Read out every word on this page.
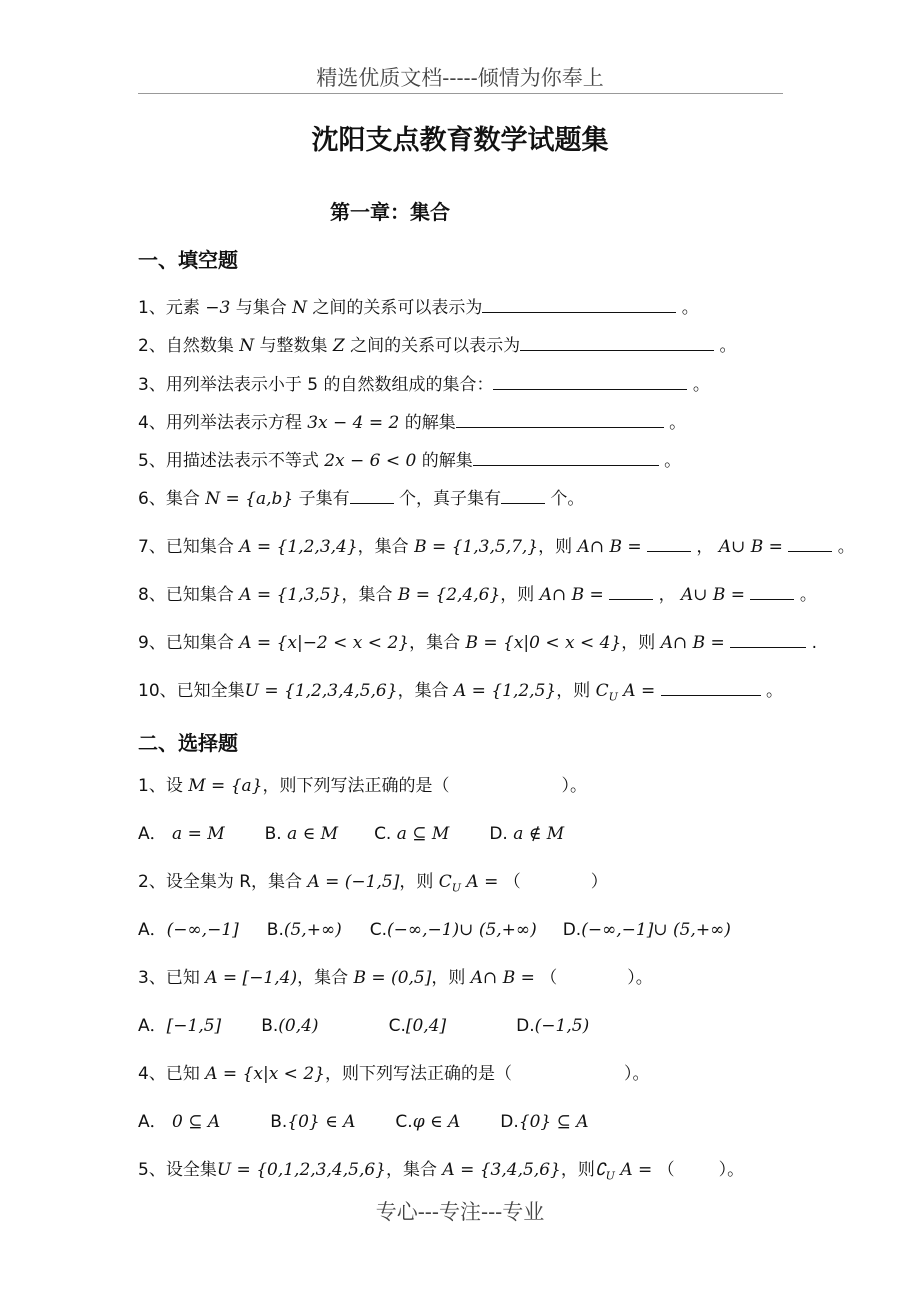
精选优质文档-----倾情为你奉上
沈阳支点教育数学试题集
第一章：集合
一、填空题
1、元素 −3 与集合 N 之间的关系可以表示为	。
2、自然数集 N 与整数集 Z 之间的关系可以表示为	。
3、用列举法表示小于 5 的自然数组成的集合：	。
4、用列举法表示方程 3x − 4 = 2 的解集	。
5、用描述法表示不等式 2x − 6 < 0 的解集	。
6、集合 N = {a,b} 子集有	个，真子集有	个。
7、已知集合 A = {1,2,3,4}，集合 B = {1,3,5,7,}，则 A∩ B =	， A∪ B =	。
8、已知集合 A = {1,3,5}，集合 B = {2,4,6}，则 A∩ B =	， A∪ B =	。
9、已知集合 A = {x|−2 < x < 2}，集合 B = {x|0 < x < 4}，则 A∩ B =	.
10、已知全集U = {1,2,3,4,5,6}，集合 A = {1,2,5}，则 $C_U$ A =	。
二、选择题
1、设 M = {a}，则下列写法正确的是（	）。
A． a = M B. a ∈ M C. a ⊆ M D. a ∉ M
2、设全集为 R，集合 A = (−1,5]，则 $C_U$ A = （	）
A．(−∞,−1] B.(5,+∞) C.(−∞,−1)∪ (5,+∞) D.(−∞,−1]∪ (5,+∞)
3、已知 A = [−1,4)，集合 B = (0,5]，则 A∩ B = （	）。
A．[−1,5] B.(0,4)	C.[0,4]	D.(−1,5)
4、已知 A = {x|x < 2}，则下列写法正确的是（	）。
A． 0 ⊆ A	B.{0} ∈ A C.φ ∈ A D.{0} ⊆ A
5、设全集U = {0,1,2,3,4,5,6}，集合 A = {3,4,5,6}，则$∁_U$ A = （	）。
专心---专注---专业
